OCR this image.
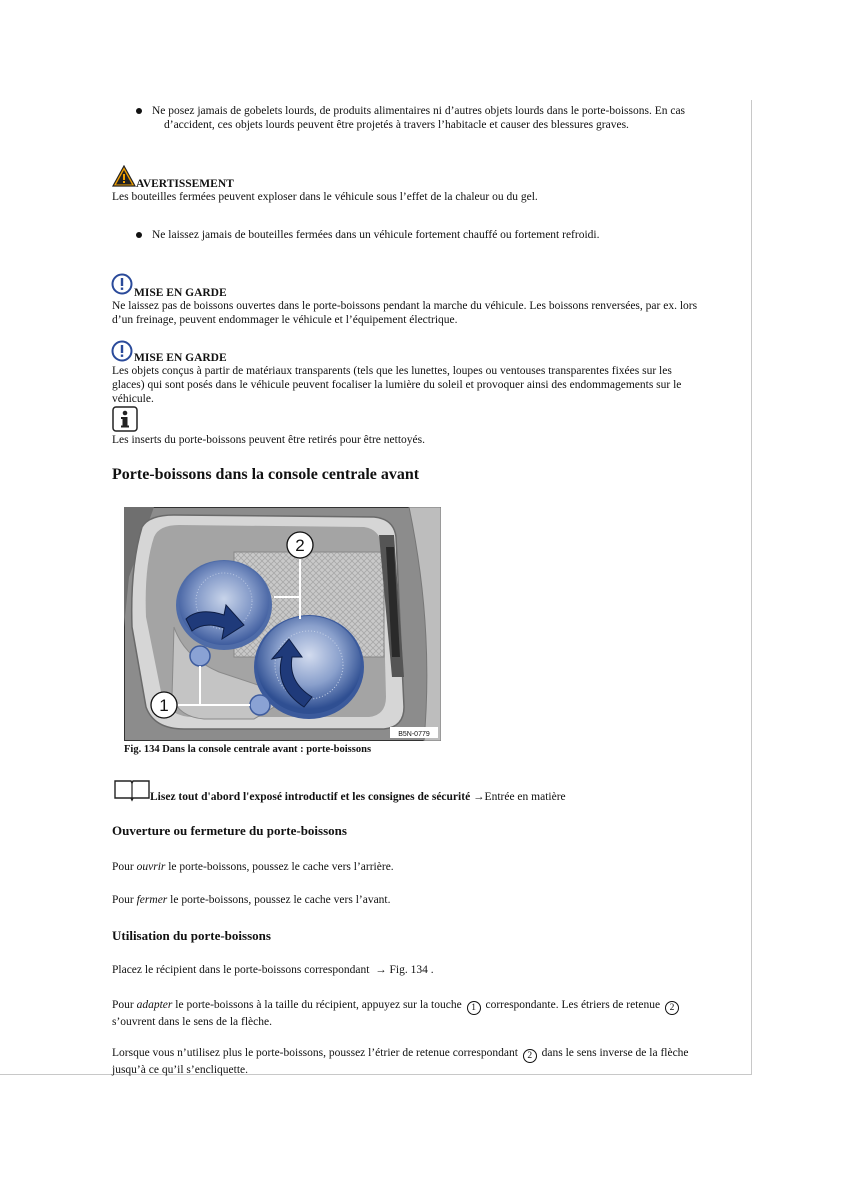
Ne posez jamais de gobelets lourds, de produits alimentaires ni d’autres objets lourds dans le porte-boissons. En cas
d’accident, ces objets lourds peuvent être projetés à travers l’habitacle et causer des blessures graves.
AVERTISSEMENT
Les bouteilles fermées peuvent exploser dans le véhicule sous l’effet de la chaleur ou du gel.
Ne laissez jamais de bouteilles fermées dans un véhicule fortement chauffé ou fortement refroidi.
MISE EN GARDE
Ne laissez pas de boissons ouvertes dans le porte-boissons pendant la marche du véhicule. Les boissons renversées, par ex. lors
d’un freinage, peuvent endommager le véhicule et l’équipement électrique.
MISE EN GARDE
Les objets conçus à partir de matériaux transparents (tels que les lunettes, loupes ou ventouses transparentes fixées sur les
glaces) qui sont posés dans le véhicule peuvent focaliser la lumière du soleil et provoquer ainsi des endommagements sur le
véhicule.
Les inserts du porte-boissons peuvent être retirés pour être nettoyés.
Porte-boissons dans la console centrale avant
2
1
B5N-0779
Fig. 134 Dans la console centrale avant : porte-boissons
Lisez tout d'abord l'exposé introductif et les consignes de sécurité →Entrée en matière
Ouverture ou fermeture du porte-boissons
Pour ouvrir le porte-boissons, poussez le cache vers l’arrière.
Pour fermer le porte-boissons, poussez le cache vers l’avant.
Utilisation du porte-boissons
Placez le récipient dans le porte-boissons correspondant → Fig. 134 .
Pour adapter le porte-boissons à la taille du récipient, appuyez sur la touche 1 correspondante. Les étriers de retenue 2
s’ouvrent dans le sens de la flèche.
Lorsque vous n’utilisez plus le porte-boissons, poussez l’étrier de retenue correspondant 2 dans le sens inverse de la flèche
jusqu’à ce qu’il s’encliquette.
